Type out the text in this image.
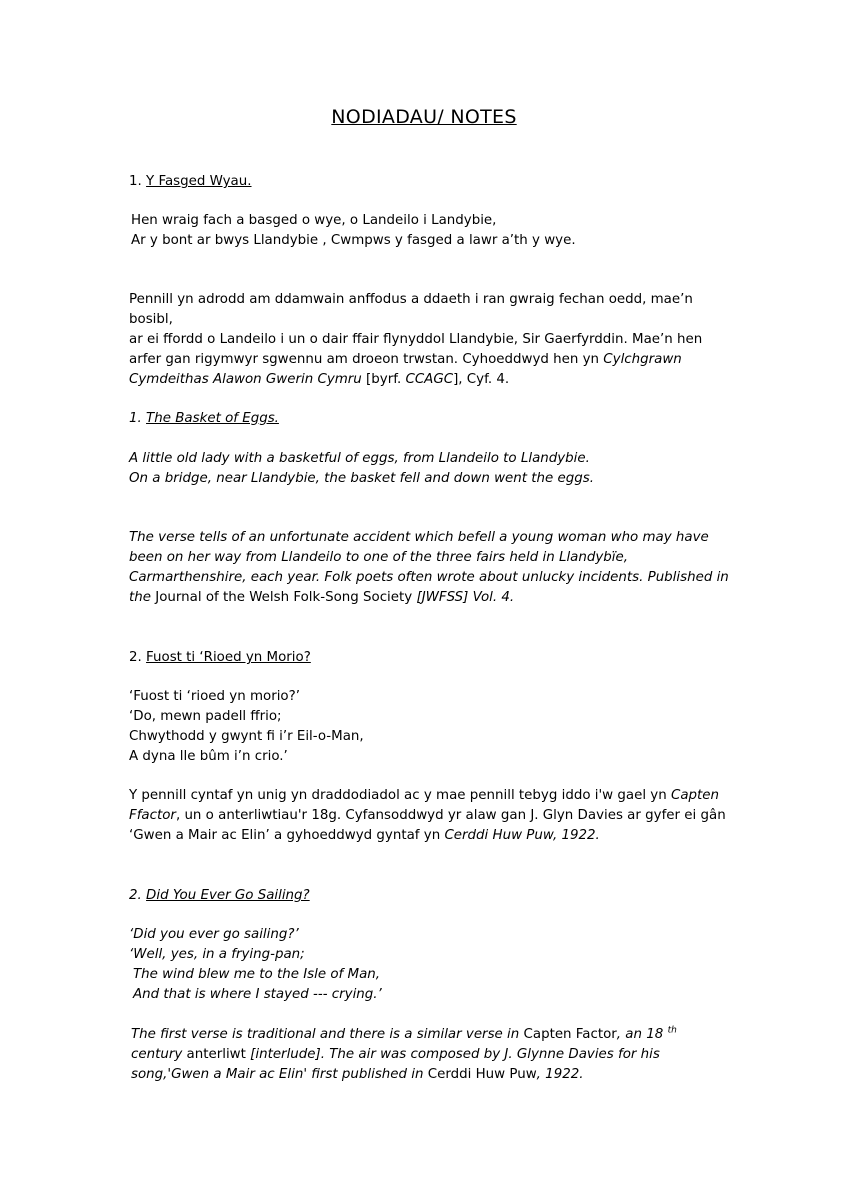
NODIADAU/ NOTES
1. Y Fasged Wyau.
Hen wraig fach a basged o wye, o Landeilo i Landybie,
Ar y bont ar bwys Llandybie , Cwmpws y fasged a lawr a’th y wye.
Pennill yn adrodd am ddamwain anffodus a ddaeth i ran gwraig fechan oedd, mae’n bosibl,
ar ei ffordd o Landeilo i un o dair ffair flynyddol Llandybie, Sir Gaerfyrddin. Mae’n hen
arfer gan rigymwyr sgwennu am droeon trwstan. Cyhoeddwyd hen yn Cylchgrawn
Cymdeithas Alawon Gwerin Cymru [byrf. CCAGC], Cyf. 4.
1. The Basket of Eggs.
A little old lady with a basketful of eggs, from Llandeilo to Llandybie.
On a bridge, near Llandybie, the basket fell and down went the eggs.
The verse tells of an unfortunate accident which befell a young woman who may have
been on her way from Llandeilo to one of the three fairs held in Llandybïe,
Carmarthenshire, each year. Folk poets often wrote about unlucky incidents. Published in
the Journal of the Welsh Folk-Song Society [JWFSS] Vol. 4.
2. Fuost ti ‘Rioed yn Morio?
‘Fuost ti ‘rioed yn morio?’
‘Do, mewn padell ffrio;
Chwythodd y gwynt fi i’r Eil-o-Man,
A dyna lle bûm i’n crio.’
Y pennill cyntaf yn unig yn draddodiadol ac y mae pennill tebyg iddo i'w gael yn Capten
Ffactor, un o anterliwtiau'r 18g. Cyfansoddwyd yr alaw gan J. Glyn Davies ar gyfer ei gân
‘Gwen a Mair ac Elin’ a gyhoeddwyd gyntaf yn Cerddi Huw Puw, 1922.
2. Did You Ever Go Sailing?
‘Did you ever go sailing?’
‘Well, yes, in a frying-pan;
The wind blew me to the Isle of Man,
And that is where I stayed --- crying.’
The first verse is traditional and there is a similar verse in Capten Factor, an 18 $^{th}$
century anterliwt [interlude]. The air was composed by J. Glynne Davies for his
song,'Gwen a Mair ac Elin' first published in Cerddi Huw Puw, 1922.
